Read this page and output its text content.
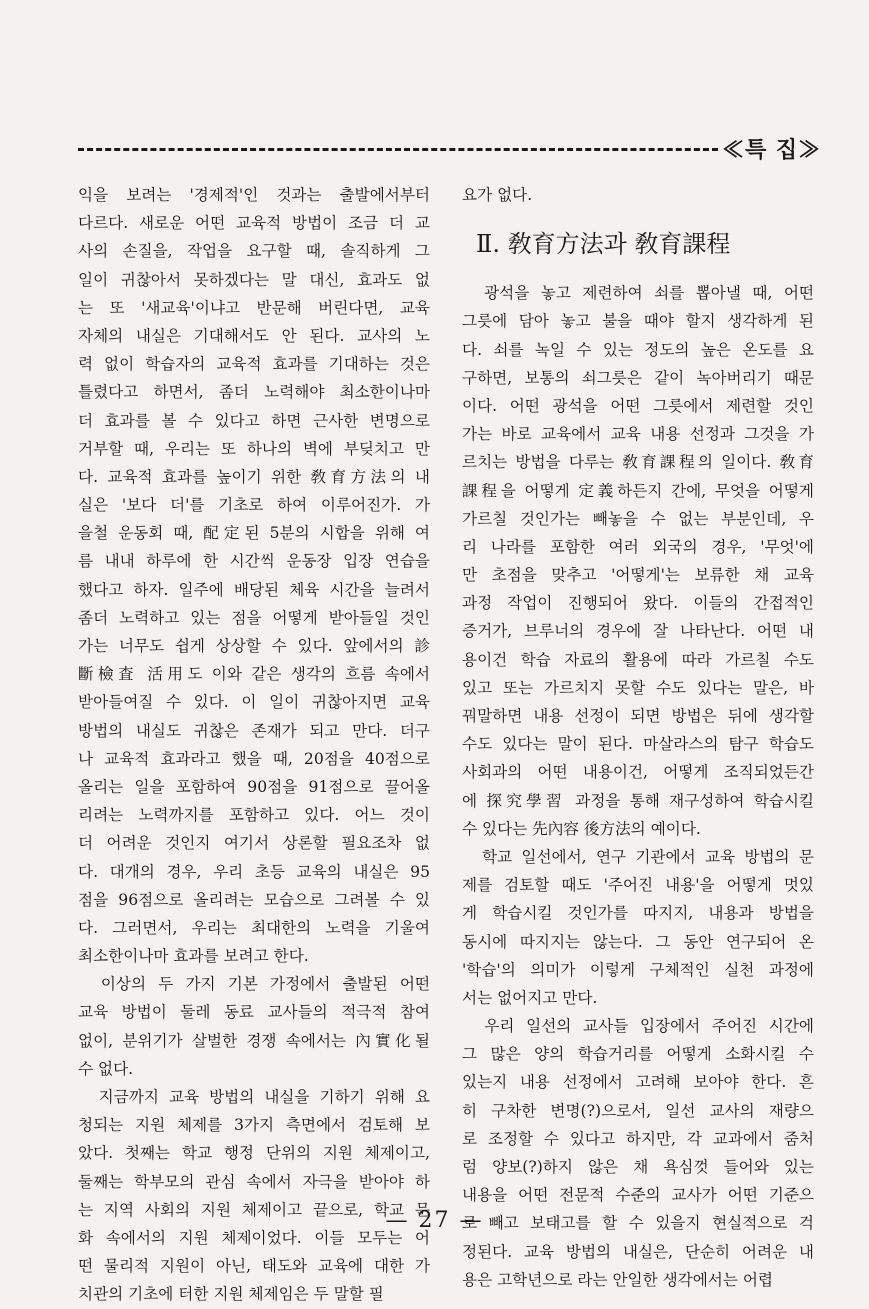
≪특 집≫
익을 보려는 '경제적'인 것과는 출발에서부터
다르다. 새로운 어떤 교육적 방법이 조금 더 교
사의 손질을, 작업을 요구할 때, 솔직하게 그
일이 귀찮아서 못하겠다는 말 대신, 효과도 없
는 또 '새교육'이냐고 반문해 버린다면, 교육
자체의 내실은 기대해서도 안 된다. 교사의 노
력 없이 학습자의 교육적 효과를 기대하는 것은
틀렸다고 하면서, 좀더 노력해야 최소한이나마
더 효과를 볼 수 있다고 하면 근사한 변명으로
거부할 때, 우리는 또 하나의 벽에 부딪치고 만
다. 교육적 효과를 높이기 위한 敎育方法의 내
실은 '보다 더'를 기초로 하여 이루어진가. 가
을철 운동회 때, 配定된 5분의 시합을 위해 여
름 내내 하루에 한 시간씩 운동장 입장 연습을
했다고 하자. 일주에 배당된 체육 시간을 늘려서
좀더 노력하고 있는 점을 어떻게 받아들일 것인
가는 너무도 쉽게 상상할 수 있다. 앞에서의 診
斷檢査 活用도 이와 같은 생각의 흐름 속에서
받아들여질 수 있다. 이 일이 귀찮아지면 교육
방법의 내실도 귀찮은 존재가 되고 만다. 더구
나 교육적 효과라고 했을 때, 20점을 40점으로
올리는 일을 포함하여 90점을 91점으로 끌어올
리려는 노력까지를 포함하고 있다. 어느 것이
더 어려운 것인지 여기서 상론할 필요조차 없
다. 대개의 경우, 우리 초등 교육의 내실은 95
점을 96점으로 올리려는 모습으로 그려볼 수 있
다. 그러면서, 우리는 최대한의 노력을 기울여
최소한이나마 효과를 보려고 한다.
　이상의 두 가지 기본 가정에서 출발된 어떤
교육 방법이 둘레 동료 교사들의 적극적 참여
없이, 분위기가 살벌한 경쟁 속에서는 內實化될
수 없다.
　지금까지 교육 방법의 내실을 기하기 위해 요
청되는 지원 체제를 3가지 측면에서 검토해 보
았다. 첫째는 학교 행정 단위의 지원 체제이고,
둘째는 학부모의 관심 속에서 자극을 받아야 하
는 지역 사회의 지원 체제이고 끝으로, 학교 문
화 속에서의 지원 체제이었다. 이들 모두는 어
떤 물리적 지원이 아닌, 태도와 교육에 대한 가
치관의 기초에 터한 지원 체제임은 두 말할 필
요가 없다.
Ⅱ. 敎育方法과 敎育課程
　광석을 놓고 제련하여 쇠를 뽑아낼 때, 어떤
그릇에 담아 놓고 불을 때야 할지 생각하게 된
다. 쇠를 녹일 수 있는 정도의 높은 온도를 요
구하면, 보통의 쇠그릇은 같이 녹아버리기 때문
이다. 어떤 광석을 어떤 그릇에서 제련할 것인
가는 바로 교육에서 교육 내용 선정과 그것을 가
르치는 방법을 다루는 敎育課程의 일이다. 敎育
課程을 어떻게 定義하든지 간에, 무엇을 어떻게
가르칠 것인가는 빼놓을 수 없는 부분인데, 우
리 나라를 포함한 여러 외국의 경우, '무엇'에
만 초점을 맞추고 '어떻게'는 보류한 채 교육
과정 작업이 진행되어 왔다. 이들의 간접적인
증거가, 브루너의 경우에 잘 나타난다. 어떤 내
용이건 학습 자료의 활용에 따라 가르칠 수도
있고 또는 가르치지 못할 수도 있다는 말은, 바
꿔말하면 내용 선정이 되면 방법은 뒤에 생각할
수도 있다는 말이 된다. 마살라스의 탐구 학습도
사회과의 어떤 내용이건, 어떻게 조직되었든간
에 探究學習 과정을 통해 재구성하여 학습시킬
수 있다는 先內容 後方法의 예이다.
　학교 일선에서, 연구 기관에서 교육 방법의 문
제를 검토할 때도 '주어진 내용'을 어떻게 멋있
게 학습시킬 것인가를 따지지, 내용과 방법을
동시에 따지지는 않는다. 그 동안 연구되어 온
'학습'의 의미가 이렇게 구체적인 실천 과정에
서는 없어지고 만다.
　우리 일선의 교사들 입장에서 주어진 시간에
그 많은 양의 학습거리를 어떻게 소화시킬 수
있는지 내용 선정에서 고려해 보아야 한다. 흔
히 구차한 변명(?)으로서, 일선 교사의 재량으
로 조정할 수 있다고 하지만, 각 교과에서 줌처
럼 양보(?)하지 않은 채 욕심껏 들어와 있는
내용을 어떤 전문적 수준의 교사가 어떤 기준으
로 빼고 보태고를 할 수 있을지 현실적으로 걱
정된다. 교육 방법의 내실은, 단순히 어려운 내
용은 고학년으로 라는 안일한 생각에서는 어렵
— 27 —
